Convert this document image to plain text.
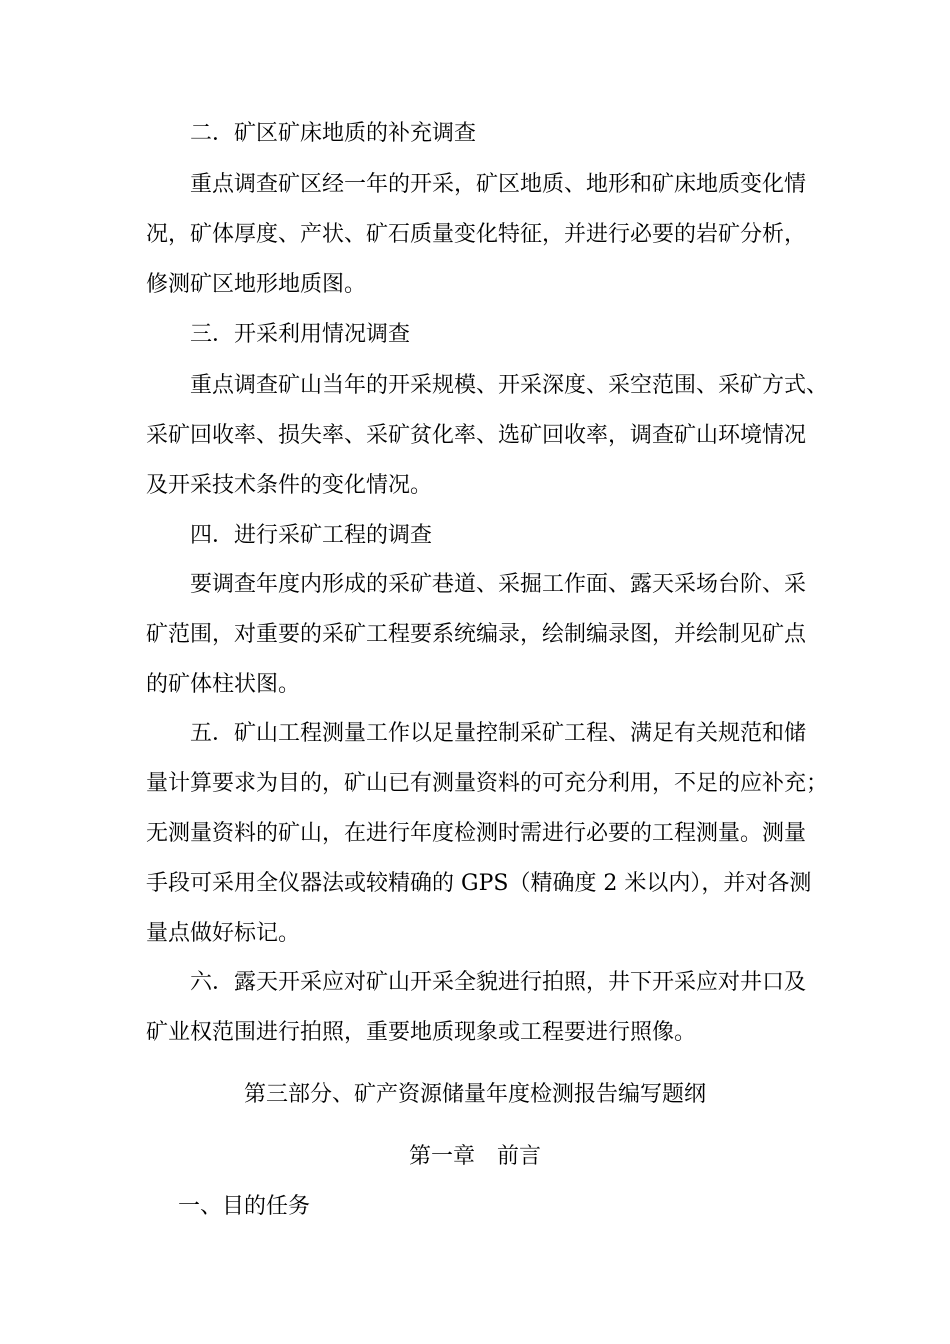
二．矿区矿床地质的补充调查

重点调查矿区经一年的开采，矿区地质、地形和矿床地质变化情

况，矿体厚度、产状、矿石质量变化特征，并进行必要的岩矿分析，

修测矿区地形地质图。

三．开采利用情况调查

重点调查矿山当年的开采规模、开采深度、采空范围、采矿方式、

采矿回收率、损失率、采矿贫化率、选矿回收率，调查矿山环境情况

及开采技术条件的变化情况。

四．进行采矿工程的调查

要调查年度内形成的采矿巷道、采掘工作面、露天采场台阶、采

矿范围，对重要的采矿工程要系统编录，绘制编录图，并绘制见矿点

的矿体柱状图。

五．矿山工程测量工作以足量控制采矿工程、满足有关规范和储

量计算要求为目的，矿山已有测量资料的可充分利用，不足的应补充；

无测量资料的矿山，在进行年度检测时需进行必要的工程测量。测量

手段可采用全仪器法或较精确的 GPS（精确度 2 米以内），并对各测

量点做好标记。

六．露天开采应对矿山开采全貌进行拍照，井下开采应对井口及

矿业权范围进行拍照，重要地质现象或工程要进行照像。

第三部分、矿产资源储量年度检测报告编写题纲

第一章　前言

一、目的任务
